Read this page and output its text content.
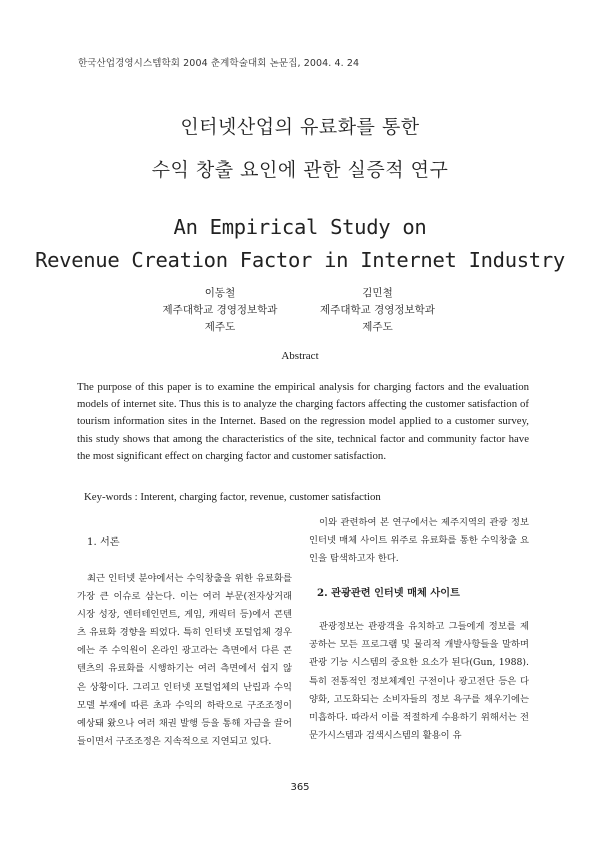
한국산업경영시스템학회 2004 춘계학술대회 논문집, 2004. 4. 24
인터넷산업의 유료화를 통한
수익 창출 요인에 관한 실증적 연구
An Empirical Study on
Revenue Creation Factor in Internet Industry
이동철
제주대학교 경영정보학과
제주도
김민철
제주대학교 경영정보학과
제주도
Abstract
The purpose of this paper is to examine the empirical analysis for charging factors and the evaluation models of internet site. Thus this is to analyze the charging factors affecting the customer satisfaction of tourism information sites in the Internet. Based on the regression model applied to a customer survey, this study shows that among the characteristics of the site, technical factor and community factor have the most significant effect on charging factor and customer satisfaction.
Key-words : Interent, charging factor, revenue, customer satisfaction
1. 서론

최근 인터넷 분야에서는 수익창출을 위한 유료화를 가장 큰 이슈로 삼는다. 이는 여러 부문(전자상거래 시장 성장, 엔터테인먼트, 게임, 캐릭터 등)에서 콘텐츠 유료화 경향을 띄었다. 특히 인터넷 포털업체 경우에는 주 수익원이 온라인 광고라는 측면에서 다른 콘텐츠의 유료화를 시행하기는 여러 측면에서 쉽지 않은 상황이다. 그리고 인터넷 포털업체의 난립과 수익모델 부재에 따른 초과 수익의 하락으로 구조조정이 예상돼 왔으나 여러 채권 발행 등을 통해 자금을 끌어들이면서 구조조정은 지속적으로 지연되고 있다.

이와 관련하여 본 연구에서는 제주지역의 관광 정보 인터넷 매체 사이트 위주로 유료화를 통한 수익창출 요인을 탐색하고자 한다.

2. 관광관련 인터넷 매체 사이트

관광정보는 관광객을 유치하고 그들에게 정보를 제공하는 모든 프로그램 및 물리적 개발사항들을 말하며 관광 기능 시스템의 중요한 요소가 된다(Gun, 1988). 특히 전통적인 정보체계인 구전이나 광고전단 등은 다양화, 고도화되는 소비자들의 정보 욕구를 채우기에는 미흡하다. 따라서 이를 적절하게 수용하기 위해서는 전문가시스템과 검색시스템의 활용이 유

365
